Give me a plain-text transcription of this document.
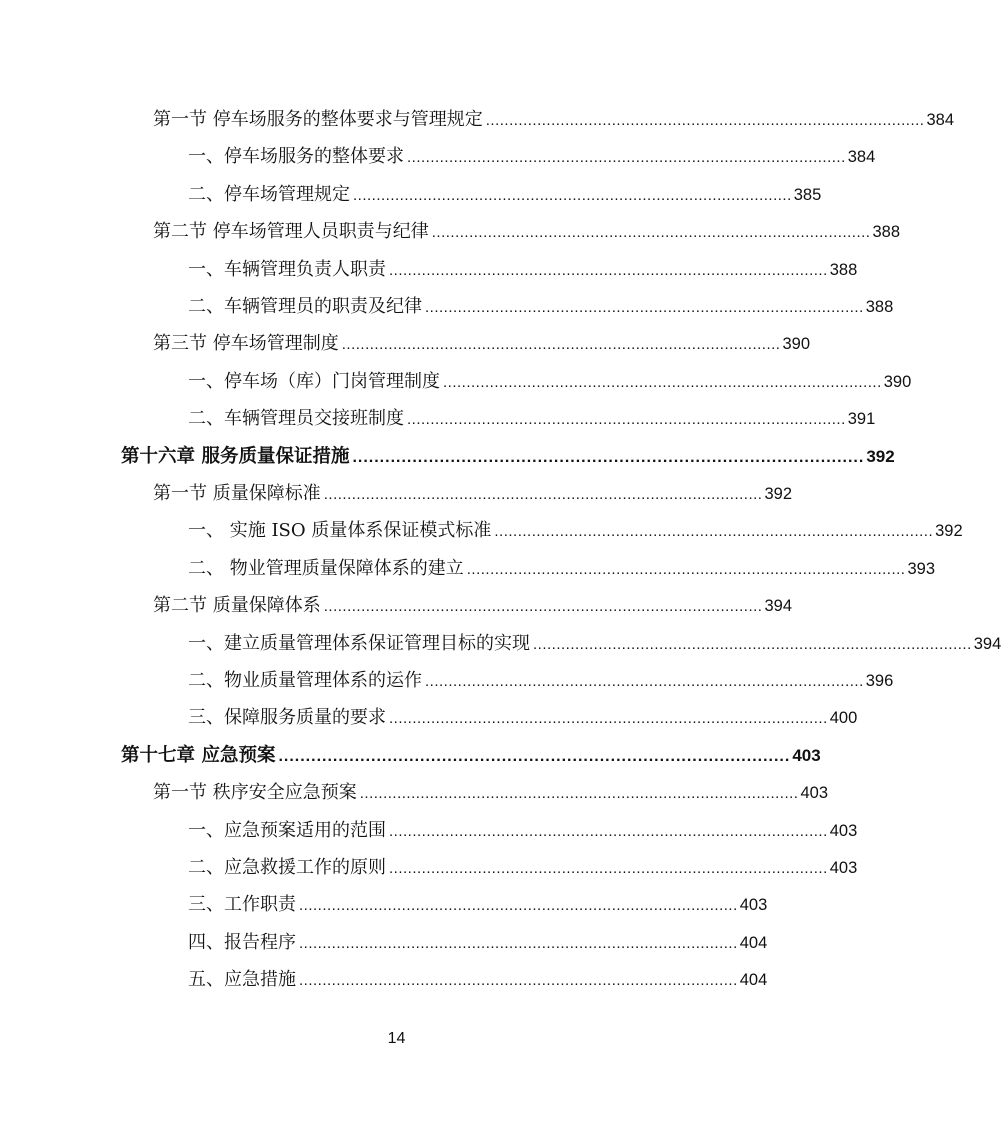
第一节 停车场服务的整体要求与管理规定 .............................................................................................. 384
一、停车场服务的整体要求 .............................................................................................. 384
二、停车场管理规定 .............................................................................................. 385
第二节 停车场管理人员职责与纪律 .............................................................................................. 388
一、车辆管理负责人职责 .............................................................................................. 388
二、车辆管理员的职责及纪律 .............................................................................................. 388
第三节 停车场管理制度 .............................................................................................. 390
一、停车场（库）门岗管理制度 .............................................................................................. 390
二、车辆管理员交接班制度 .............................................................................................. 391
第十六章 服务质量保证措施 .............................................................................................. 392
第一节 质量保障标准 .............................................................................................. 392
一、 实施 ISO 质量体系保证模式标准 .............................................................................................. 392
二、 物业管理质量保障体系的建立 .............................................................................................. 393
第二节 质量保障体系 .............................................................................................. 394
一、建立质量管理体系保证管理目标的实现 .............................................................................................. 394
二、物业质量管理体系的运作 .............................................................................................. 396
三、保障服务质量的要求 .............................................................................................. 400
第十七章 应急预案 .............................................................................................. 403
第一节 秩序安全应急预案 .............................................................................................. 403
一、应急预案适用的范围 .............................................................................................. 403
二、应急救援工作的原则 .............................................................................................. 403
三、工作职责 .............................................................................................. 403
四、报告程序 .............................................................................................. 404
五、应急措施 .............................................................................................. 404
14
